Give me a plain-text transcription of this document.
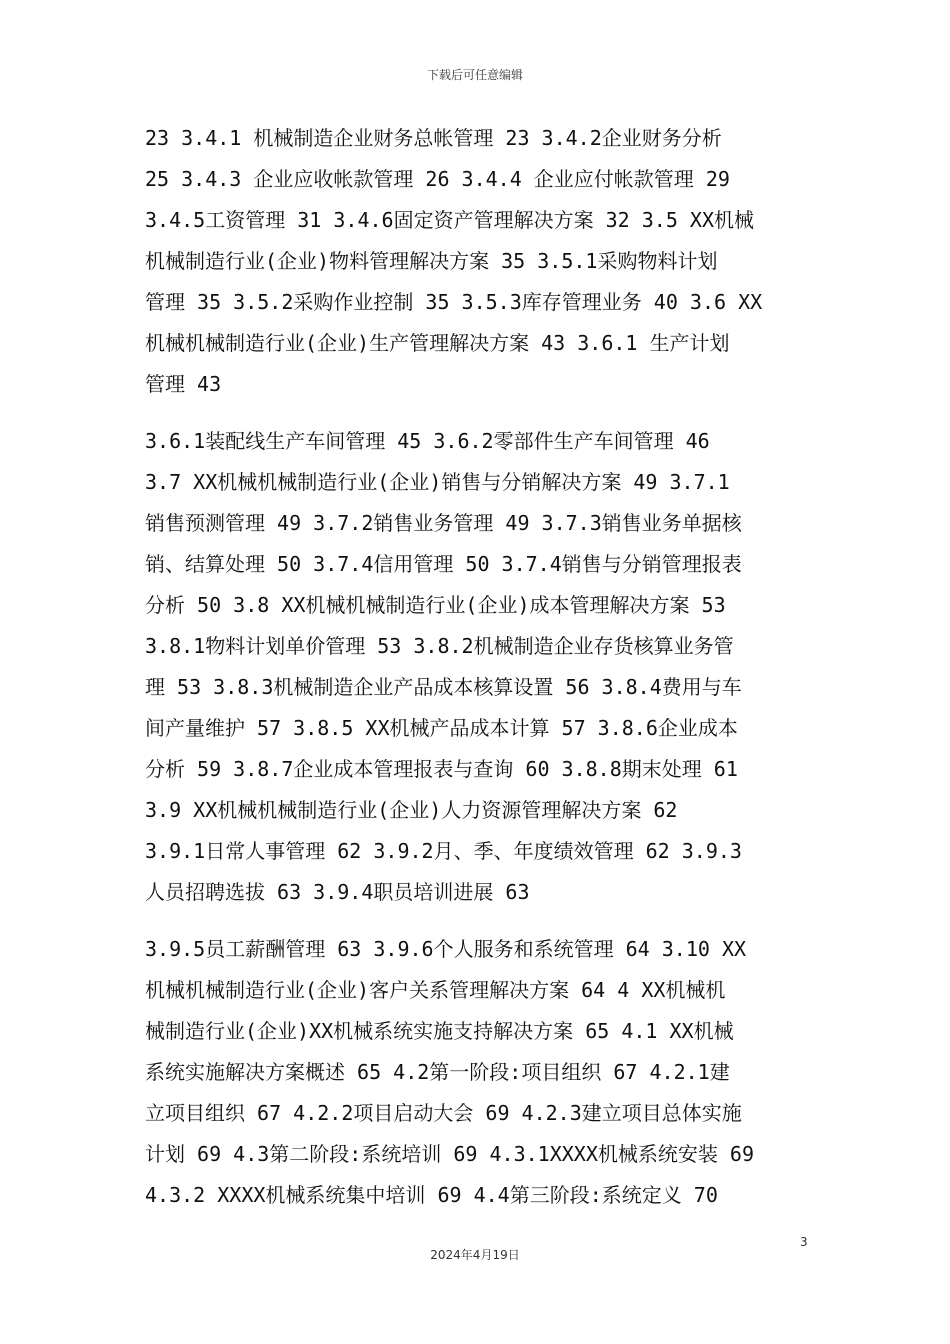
下载后可任意编辑
23 3.4.1 机械制造企业财务总帐管理 23 3.4.2企业财务分析
25 3.4.3 企业应收帐款管理 26 3.4.4 企业应付帐款管理 29
3.4.5工资管理 31 3.4.6固定资产管理解决方案 32 3.5 XX机械
机械制造行业(企业)物料管理解决方案 35 3.5.1采购物料计划
管理 35 3.5.2采购作业控制 35 3.5.3库存管理业务 40 3.6 XX
机械机械制造行业(企业)生产管理解决方案 43 3.6.1 生产计划
管理 43
3.6.1装配线生产车间管理 45 3.6.2零部件生产车间管理 46
3.7 XX机械机械制造行业(企业)销售与分销解决方案 49 3.7.1
销售预测管理 49 3.7.2销售业务管理 49 3.7.3销售业务单据核
销、结算处理 50 3.7.4信用管理 50 3.7.4销售与分销管理报表
分析 50 3.8 XX机械机械制造行业(企业)成本管理解决方案 53
3.8.1物料计划单价管理 53 3.8.2机械制造企业存货核算业务管
理 53 3.8.3机械制造企业产品成本核算设置 56 3.8.4费用与车
间产量维护 57 3.8.5 XX机械产品成本计算 57 3.8.6企业成本
分析 59 3.8.7企业成本管理报表与查询 60 3.8.8期末处理 61
3.9 XX机械机械制造行业(企业)人力资源管理解决方案 62
3.9.1日常人事管理 62 3.9.2月、季、年度绩效管理 62 3.9.3
人员招聘选拔 63 3.9.4职员培训进展 63
3.9.5员工薪酬管理 63 3.9.6个人服务和系统管理 64 3.10 XX
机械机械制造行业(企业)客户关系管理解决方案 64 4 XX机械机
械制造行业(企业)XX机械系统实施支持解决方案 65 4.1 XX机械
系统实施解决方案概述 65 4.2第一阶段:项目组织 67 4.2.1建
立项目组织 67 4.2.2项目启动大会 69 4.2.3建立项目总体实施
计划 69 4.3第二阶段:系统培训 69 4.3.1XXXX机械系统安装 69
4.3.2 XXXX机械系统集中培训 69 4.4第三阶段:系统定义 70
3
2024年4月19日
